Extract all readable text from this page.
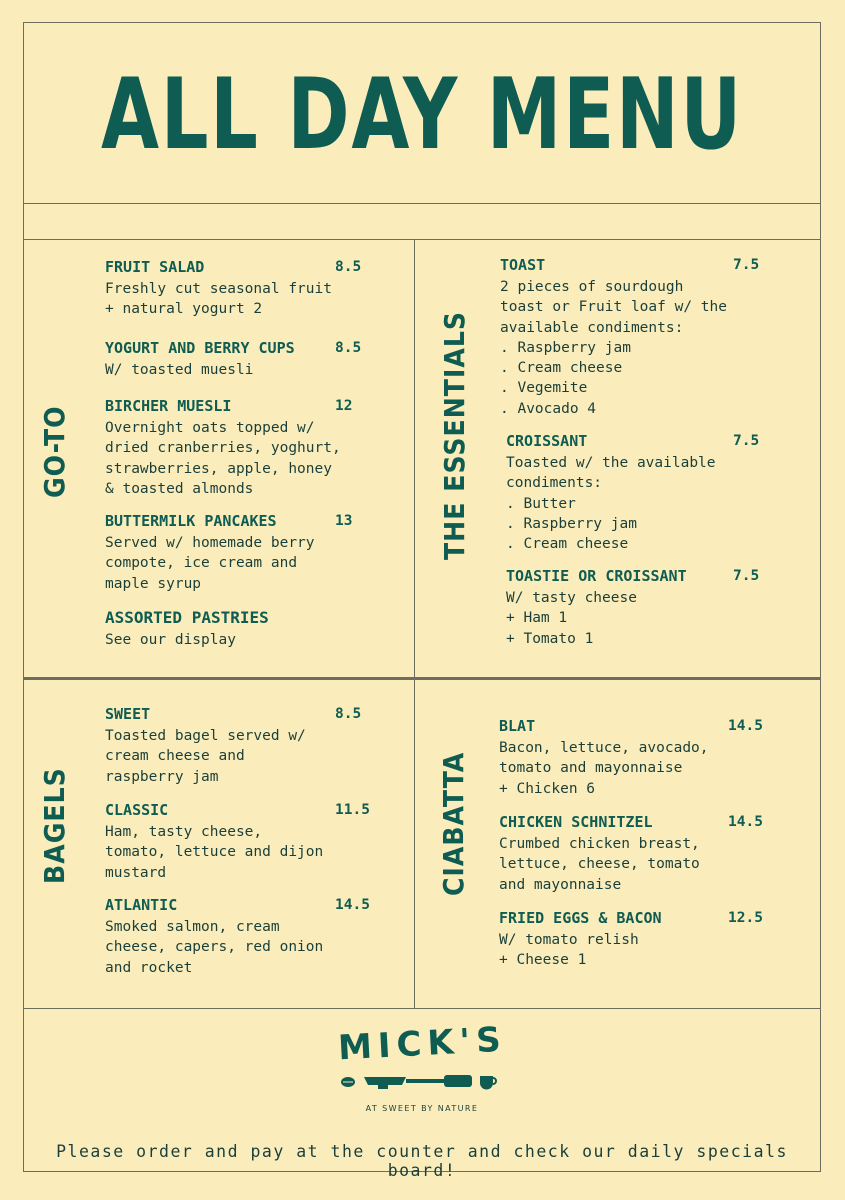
ALL DAY MENU
GO-TO	THE ESSENTIALS
BAGELS	CIABATTA
FRUIT SALAD
Freshly cut seasonal fruit
+ natural yogurt 2
8.5
YOGURT AND BERRY CUPS
W/ toasted muesli
8.5
BIRCHER MUESLI
Overnight oats topped w/
dried cranberries, yoghurt,
strawberries, apple, honey
& toasted almonds
12
BUTTERMILK PANCAKES
Served w/ homemade berry
compote, ice cream and
maple syrup
13
ASSORTED PASTRIES
See our display
TOAST
2 pieces of sourdough
toast or Fruit loaf w/ the
available condiments:
. Raspberry jam
. Cream cheese
. Vegemite
. Avocado 4
7.5
CROISSANT
Toasted w/ the available
condiments:
. Butter
. Raspberry jam
. Cream cheese
7.5
TOASTIE OR CROISSANT
W/ tasty cheese
+ Ham 1
+ Tomato 1
7.5
SWEET
Toasted bagel served w/
cream cheese and
raspberry jam
8.5
CLASSIC
Ham, tasty cheese,
tomato, lettuce and dijon
mustard
11.5
ATLANTIC
Smoked salmon, cream
cheese, capers, red onion
and rocket
14.5
BLAT
Bacon, lettuce, avocado,
tomato and mayonnaise
+ Chicken 6
14.5
CHICKEN SCHNITZEL
Crumbed chicken breast,
lettuce, cheese, tomato
and mayonnaise
14.5
FRIED EGGS & BACON
W/ tomato relish
+ Cheese 1
12.5
MICK'S
AT SWEET BY NATURE
Please order and pay at the counter and check our daily specials board!
